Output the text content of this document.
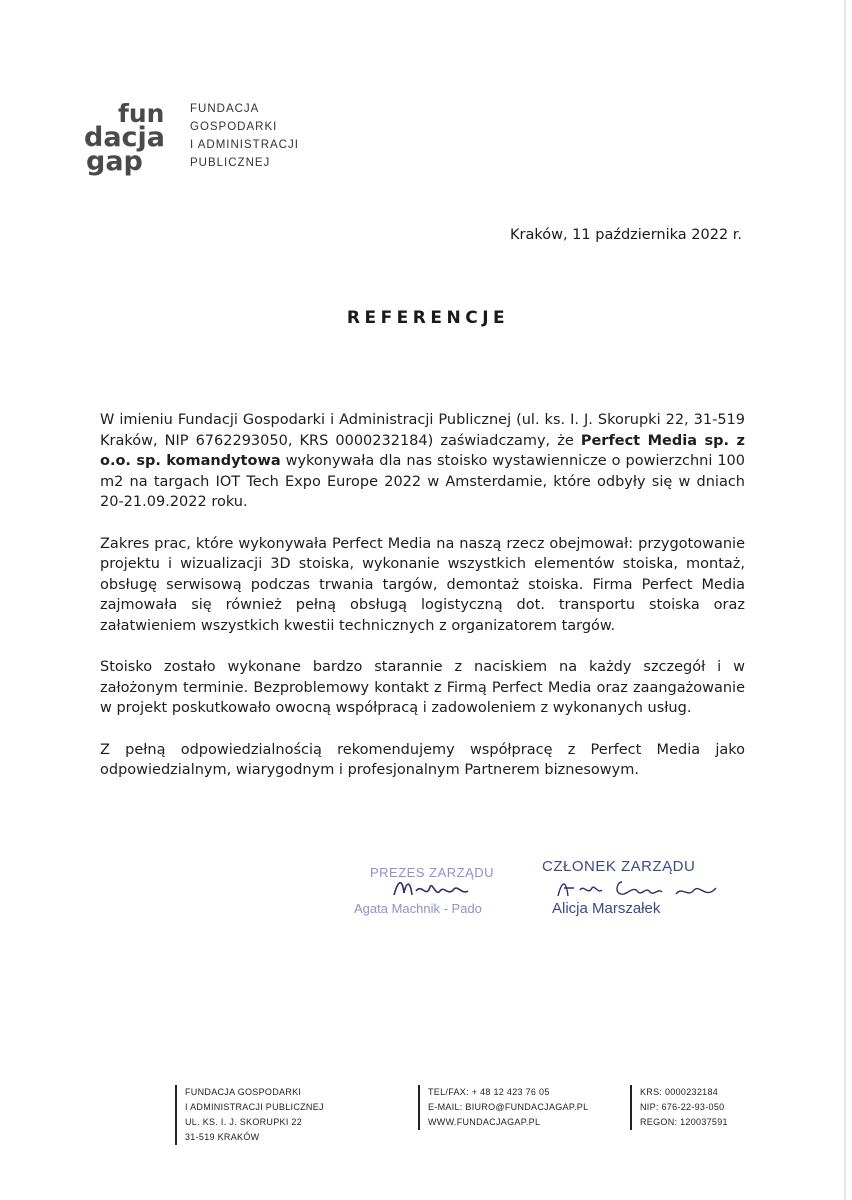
fun
dacja
gap
FUNDACJA
GOSPODARKI
I ADMINISTRACJI
PUBLICZNEJ
Kraków, 11 października 2022 r.
REFERENCJE

W imieniu Fundacji Gospodarki i Administracji Publicznej (ul. ks. I. J. Skorupki 22, 31-519 Kraków, NIP 6762293050, KRS 0000232184) zaświadczamy, że Perfect Media sp. z o.o. sp. komandytowa wykonywała dla nas stoisko wystawiennicze o powierzchni 100 m2 na targach IOT Tech Expo Europe 2022 w Amsterdamie, które odbyły się w dniach 20-21.09.2022 roku.

Zakres prac, które wykonywała Perfect Media na naszą rzecz obejmował: przygotowanie projektu i wizualizacji 3D stoiska, wykonanie wszystkich elementów stoiska, montaż, obsługę serwisową podczas trwania targów, demontaż stoiska. Firma Perfect Media zajmowała się również pełną obsługą logistyczną dot. transportu stoiska oraz załatwieniem wszystkich kwestii technicznych z organizatorem targów.

Stoisko zostało wykonane bardzo starannie z naciskiem na każdy szczegół i w założonym terminie. Bezproblemowy kontakt z Firmą Perfect Media oraz zaangażowanie w projekt poskutkowało owocną współpracą i zadowoleniem z wykonanych usług.

Z pełną odpowiedzialnością rekomendujemy współpracę z Perfect Media jako odpowiedzialnym, wiarygodnym i profesjonalnym Partnerem biznesowym.

PREZES ZARZĄDU
Agata Machnik - Pado
CZŁONEK ZARZĄDU
Alicja Marszałek
FUNDACJA GOSPODARKI
I ADMINISTRACJI PUBLICZNEJ
UL. KS. I. J. SKORUPKI 22
31-519 KRAKÓW
TEL/FAX: + 48 12 423 76 05
E-MAIL: BIURO@FUNDACJAGAP.PL
WWW.FUNDACJAGAP.PL
KRS: 0000232184
NIP: 676-22-93-050
REGON: 120037591
